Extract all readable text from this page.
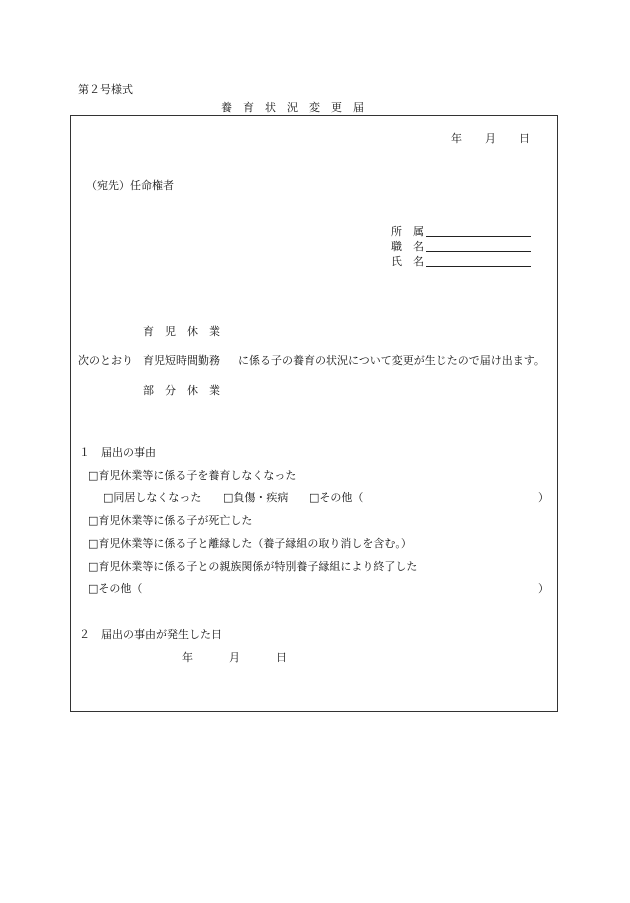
第２号様式
養　育　状　況　変　更　届
年 月 日
（宛先）任命権者
所　属
職　名
氏　名
育　児　休　業
次のとおり 育児短時間勤務 に係る子の養育の状況について変更が生じたので届け出ます。
部　分　休　業
１　届出の事由
□育児休業等に係る子を養育しなくなった
□同居しなくなった □負傷・疾病 □その他（	）
□育児休業等に係る子が死亡した
□育児休業等に係る子と離縁した（養子縁組の取り消しを含む。）
□育児休業等に係る子との親族関係が特別養子縁組により終了した
□その他（	）
２　届出の事由が発生した日
年	月	日
